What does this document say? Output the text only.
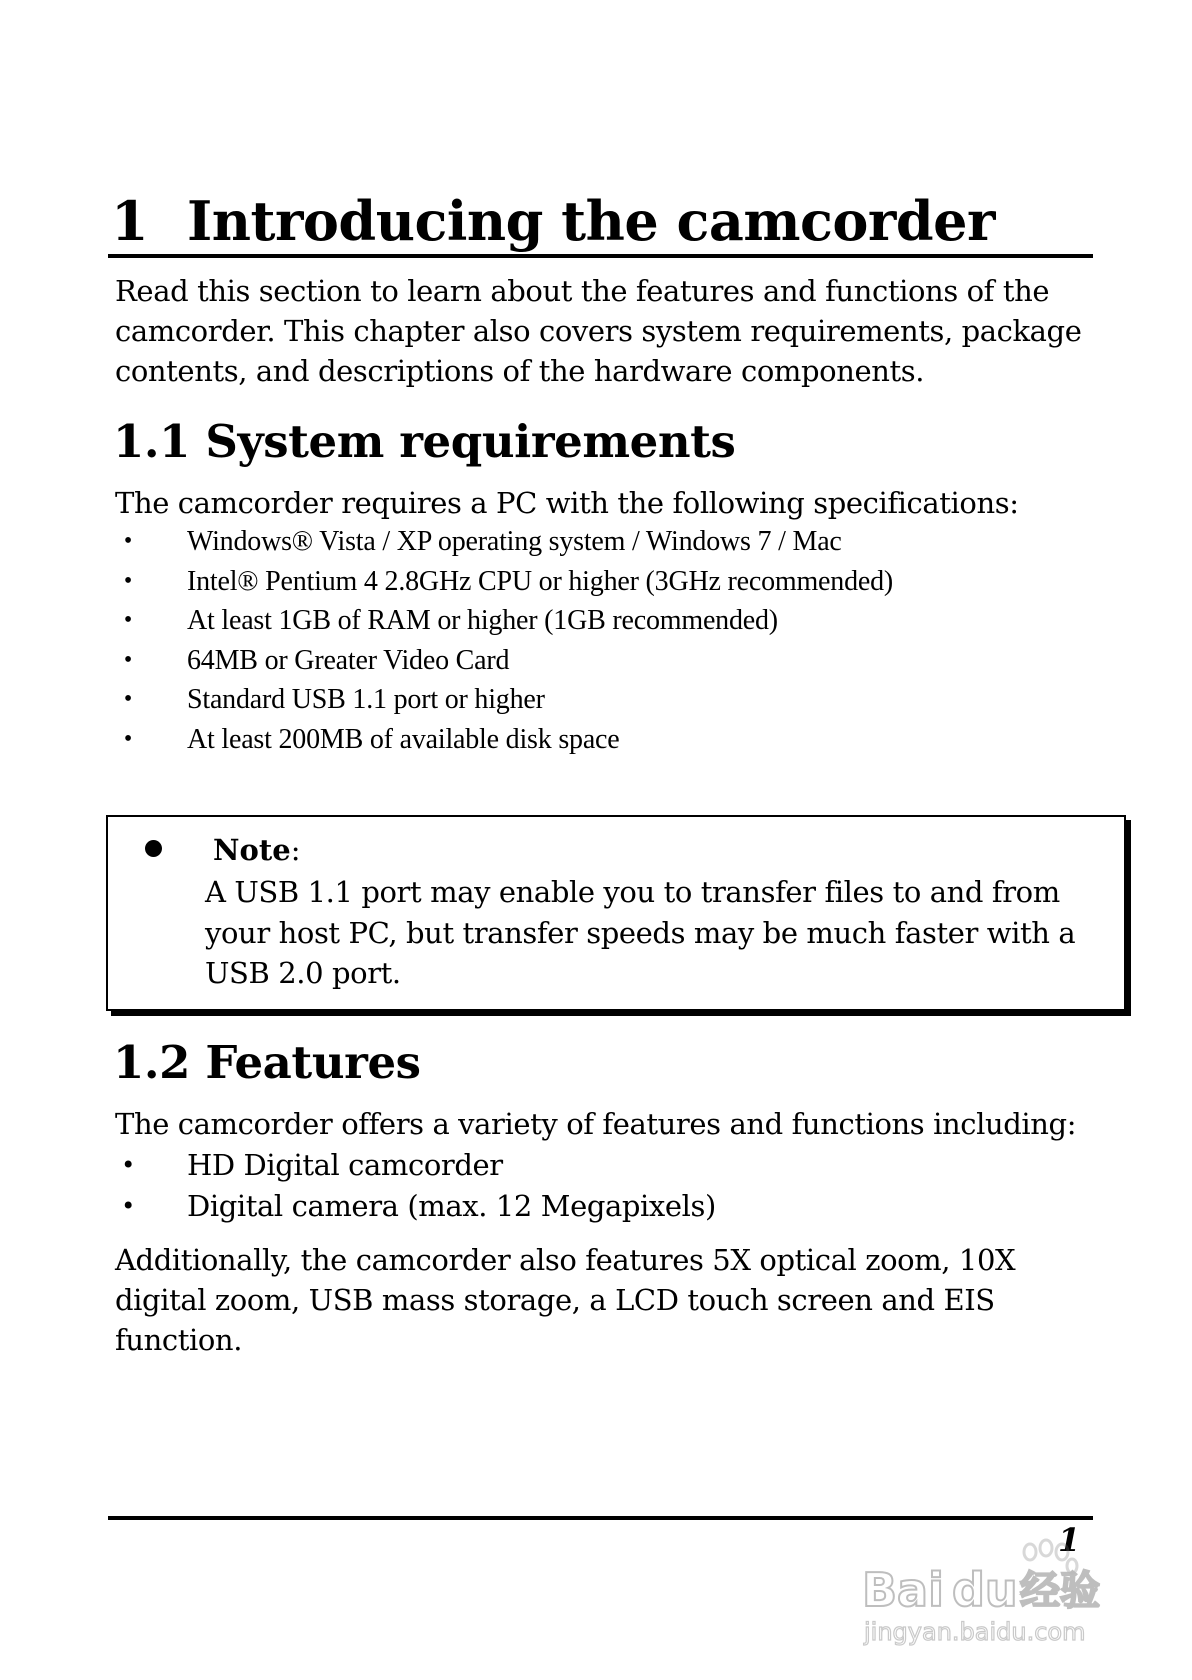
1 Introducing the camcorder
Read this section to learn about the features and functions of the
camcorder. This chapter also covers system requirements, package
contents, and descriptions of the hardware components.
1.1 System requirements
The camcorder requires a PC with the following specifications:
• Windows® Vista / XP operating system / Windows 7 / Mac
• Intel® Pentium 4 2.8GHz CPU or higher (3GHz recommended)
• At least 1GB of RAM or higher (1GB recommended)
• 64MB or Greater Video Card
• Standard USB 1.1 port or higher
• At least 200MB of available disk space
Note:
A USB 1.1 port may enable you to transfer files to and from
your host PC, but transfer speeds may be much faster with a
USB 2.0 port.
1.2 Features
The camcorder offers a variety of features and functions including:
• HD Digital camcorder
• Digital camera (max. 12 Megapixels)
Additionally, the camcorder also features 5X optical zoom, 10X
digital zoom, USB mass storage, a LCD touch screen and EIS
function.
1
Bai du 经验
jingyan.baidu.com
